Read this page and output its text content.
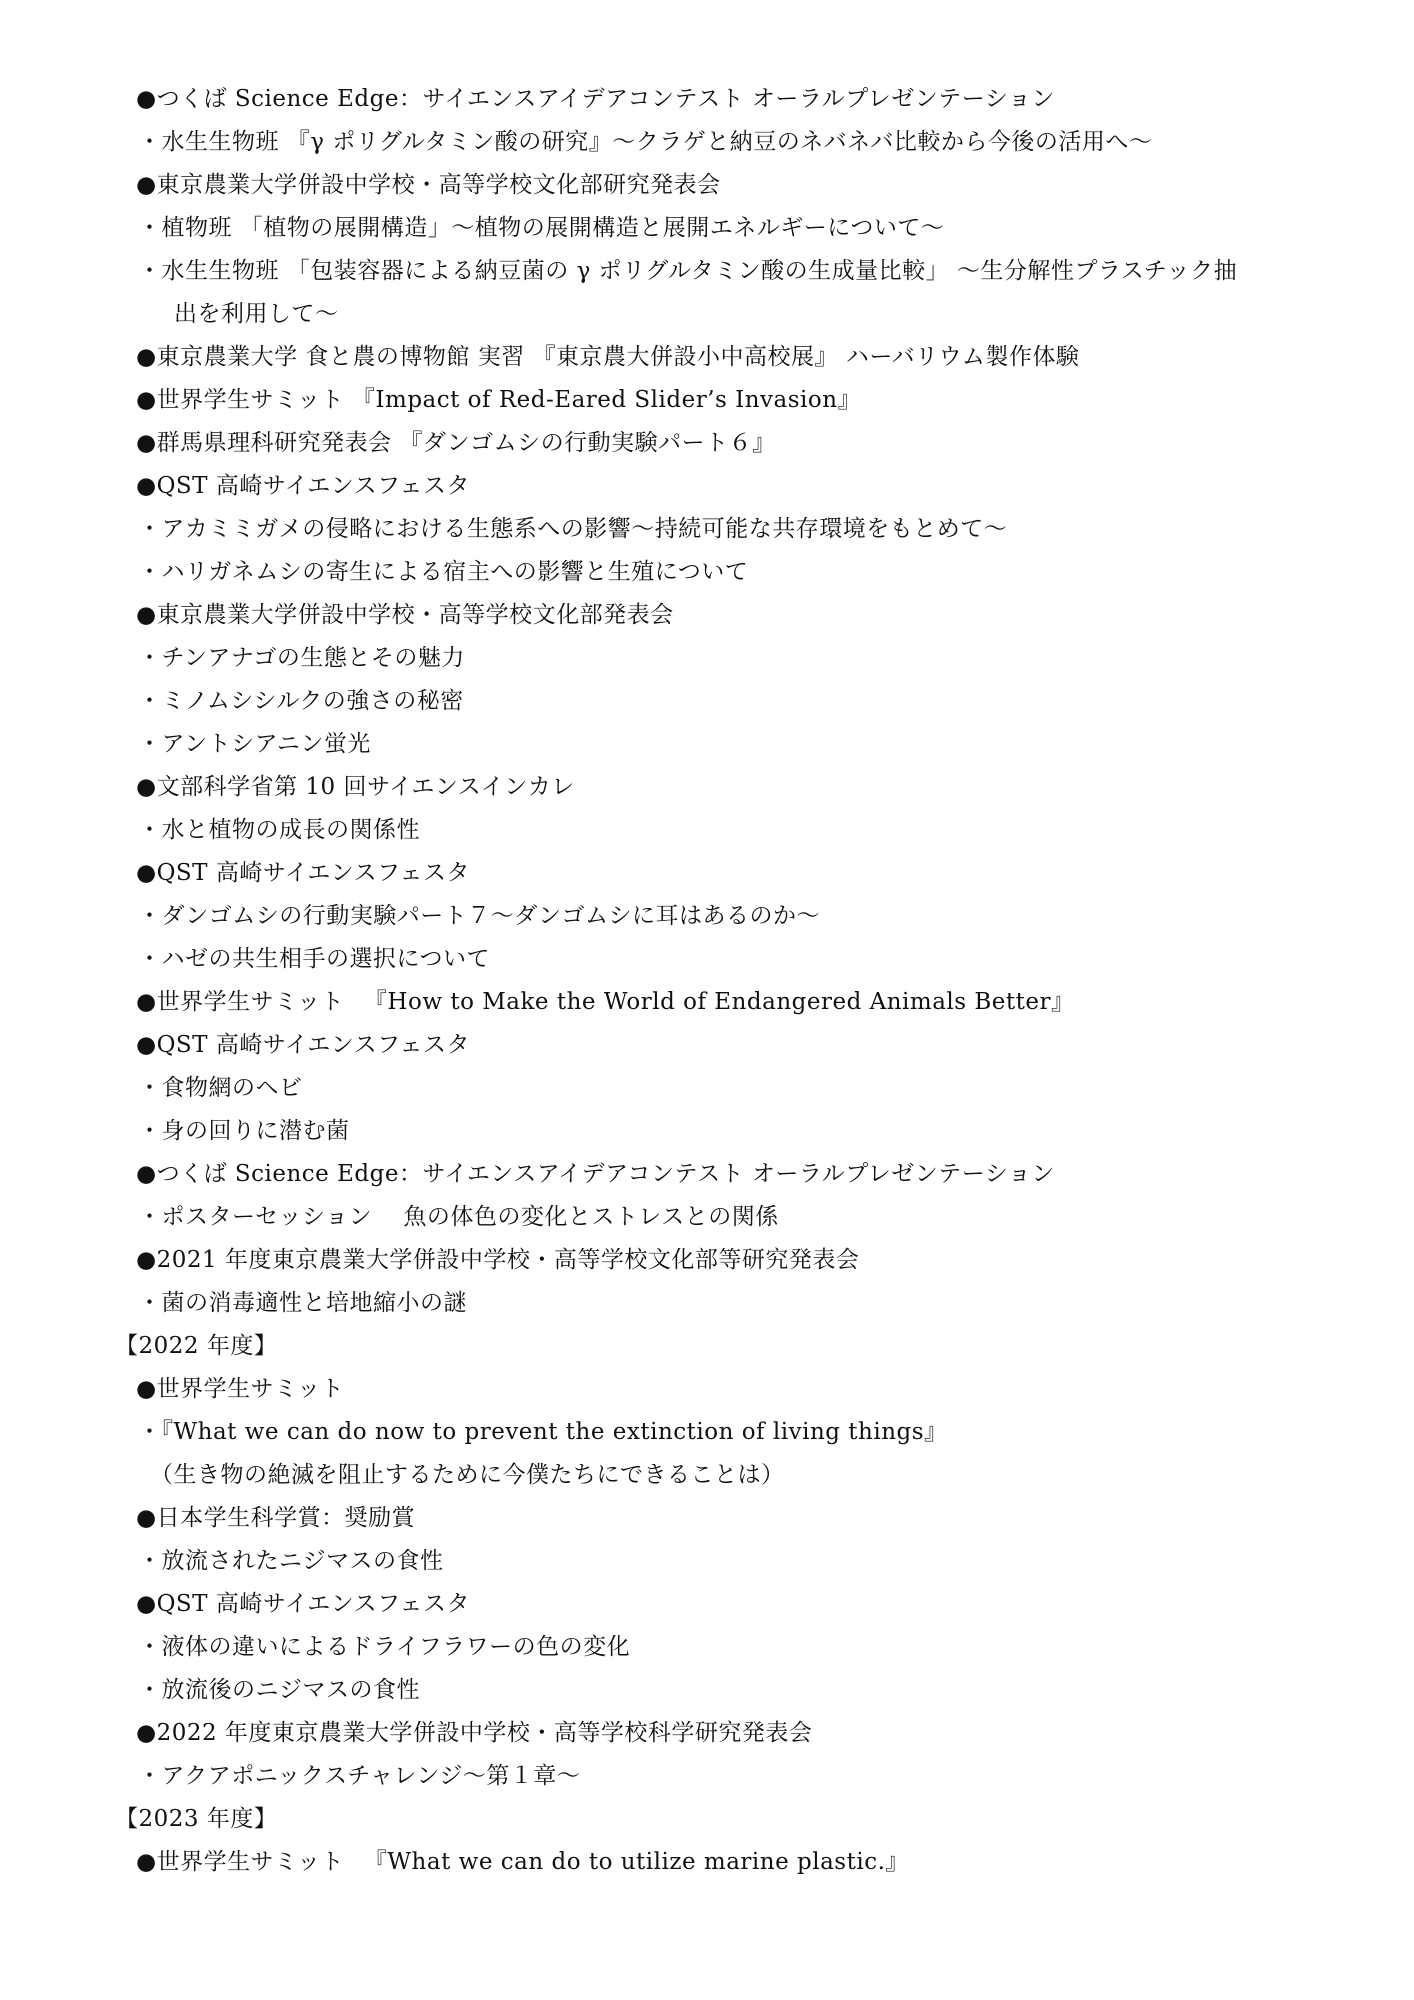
●つくば Science Edge：サイエンスアイデアコンテスト オーラルプレゼンテーション
・水生生物班 『γ ポリグルタミン酸の研究』〜クラゲと納豆のネバネバ比較から今後の活用へ〜
●東京農業大学併設中学校・高等学校文化部研究発表会
・植物班 「植物の展開構造」〜植物の展開構造と展開エネルギーについて〜
・水生生物班 「包装容器による納豆菌の γ ポリグルタミン酸の生成量比較」 〜生分解性プラスチック抽
出を利用して〜
●東京農業大学 食と農の博物館 実習 『東京農大併設小中高校展』 ハーバリウム製作体験
●世界学生サミット 『Impact of Red-Eared Slider’s Invasion』
●群馬県理科研究発表会 『ダンゴムシの行動実験パート６』
●QST 高崎サイエンスフェスタ
・アカミミガメの侵略における生態系への影響〜持続可能な共存環境をもとめて〜
・ハリガネムシの寄生による宿主への影響と生殖について
●東京農業大学併設中学校・高等学校文化部発表会
・チンアナゴの生態とその魅力
・ミノムシシルクの強さの秘密
・アントシアニン蛍光
●文部科学省第 10 回サイエンスインカレ
・水と植物の成長の関係性
●QST 高崎サイエンスフェスタ
・ダンゴムシの行動実験パート７〜ダンゴムシに耳はあるのか〜
・ハゼの共生相手の選択について
●世界学生サミット 　『How to Make the World of Endangered Animals Better』
●QST 高崎サイエンスフェスタ
・食物網のヘビ
・身の回りに潜む菌
●つくば Science Edge：サイエンスアイデアコンテスト オーラルプレゼンテーション
・ポスターセッション 　魚の体色の変化とストレスとの関係
●2021 年度東京農業大学併設中学校・高等学校文化部等研究発表会
・菌の消毒適性と培地縮小の謎
【2022 年度】
●世界学生サミット
・『What we can do now to prevent the extinction of living things』
（生き物の絶滅を阻止するために今僕たちにできることは）
●日本学生科学賞：奨励賞
・放流されたニジマスの食性
●QST 高崎サイエンスフェスタ
・液体の違いによるドライフラワーの色の変化
・放流後のニジマスの食性
●2022 年度東京農業大学併設中学校・高等学校科学研究発表会
・アクアポニックスチャレンジ〜第１章〜
【2023 年度】
●世界学生サミット 　『What we can do to utilize marine plastic.』
